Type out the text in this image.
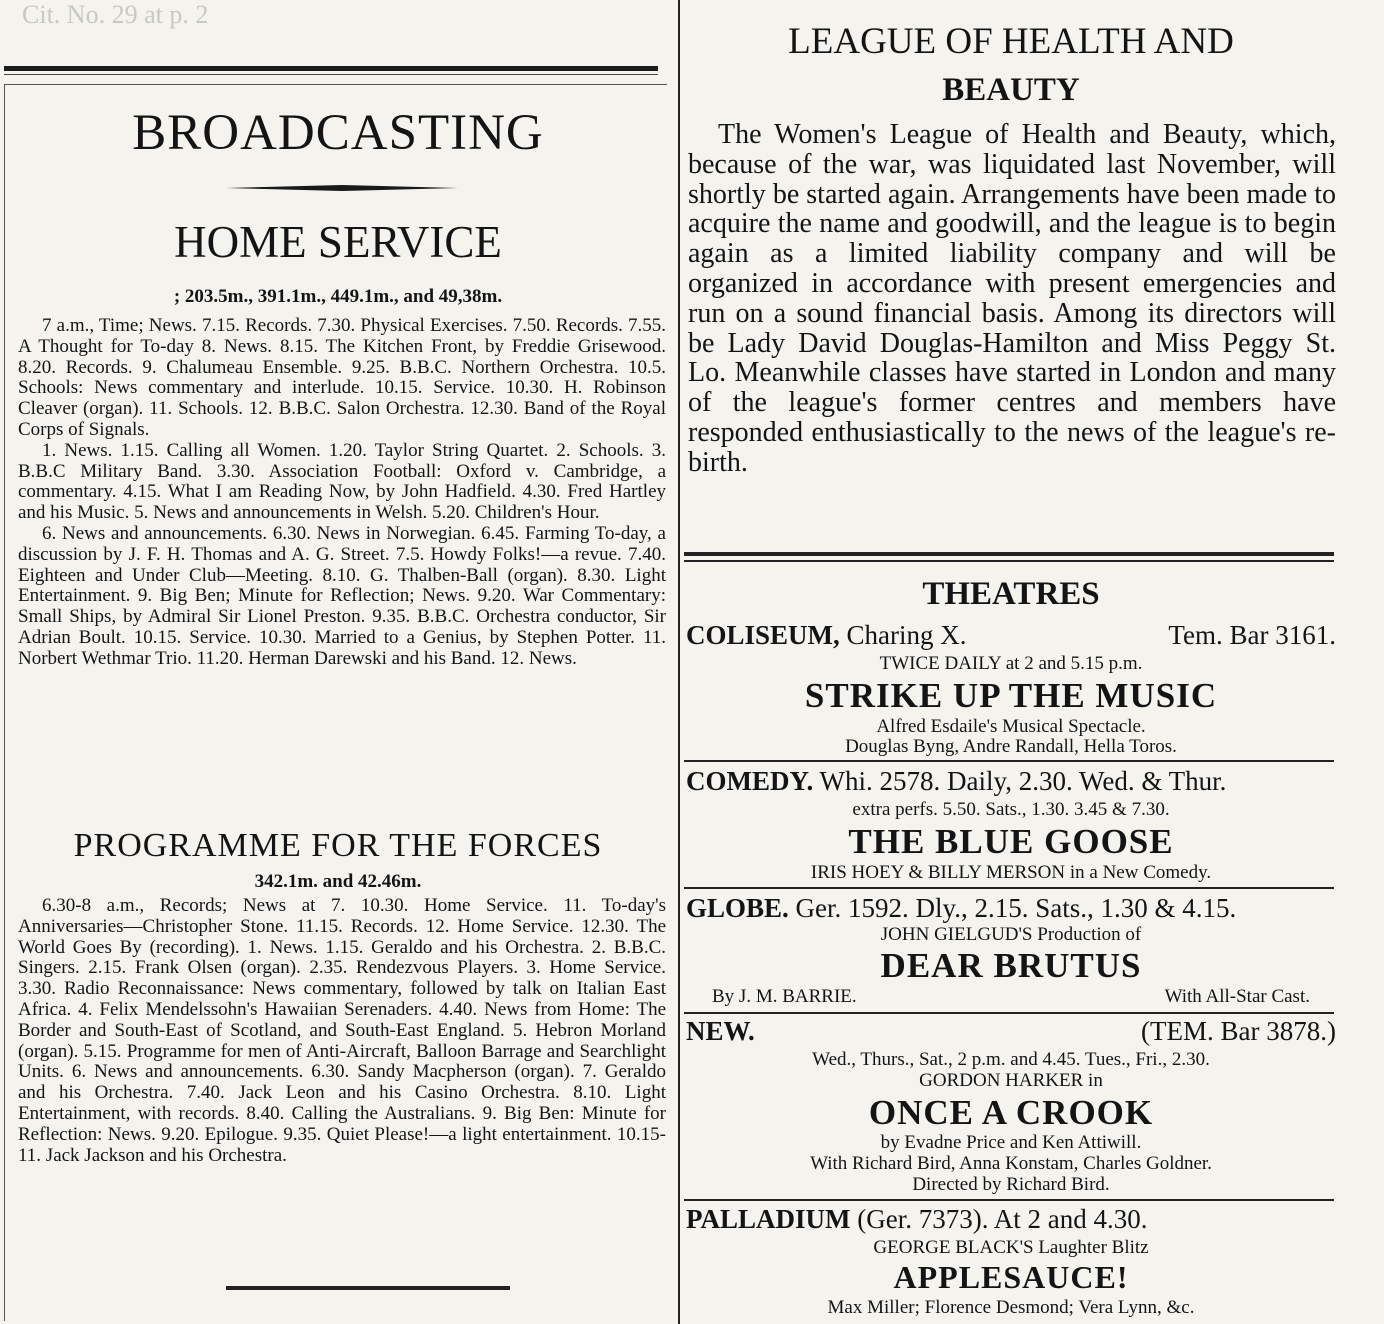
Cit. No. 29 at p. 2
BROADCASTING
HOME SERVICE
; 203.5m., 391.1m., 449.1m., and 49,38m.

7 a.m., Time; News. 7.15. Records. 7.30. Physical Exercises. 7.50. Records. 7.55. A Thought for To-day 8. News. 8.15. The Kitchen Front, by Freddie Grisewood. 8.20. Records. 9. Chalumeau Ensemble. 9.25. B.B.C. Northern Orchestra. 10.5. Schools: News commentary and interlude. 10.15. Service. 10.30. H. Robinson Cleaver (organ). 11. Schools. 12. B.B.C. Salon Orchestra. 12.30. Band of the Royal Corps of Signals.

1. News. 1.15. Calling all Women. 1.20. Taylor String Quartet. 2. Schools. 3. B.B.C Military Band. 3.30. Association Football: Oxford v. Cambridge, a commentary. 4.15. What I am Reading Now, by John Hadfield. 4.30. Fred Hartley and his Music. 5. News and announcements in Welsh. 5.20. Children's Hour.

6. News and announcements. 6.30. News in Norwegian. 6.45. Farming To-day, a discussion by J. F. H. Thomas and A. G. Street. 7.5. Howdy Folks!—a revue. 7.40. Eighteen and Under Club—Meeting. 8.10. G. Thalben-Ball (organ). 8.30. Light Entertainment. 9. Big Ben; Minute for Reflection; News. 9.20. War Commentary: Small Ships, by Admiral Sir Lionel Preston. 9.35. B.B.C. Orchestra conductor, Sir Adrian Boult. 10.15. Service. 10.30. Married to a Genius, by Stephen Potter. 11. Norbert Wethmar Trio. 11.20. Herman Darewski and his Band. 12. News.

PROGRAMME FOR THE FORCES
342.1m. and 42.46m.

6.30-8 a.m., Records; News at 7. 10.30. Home Service. 11. To-day's Anniversaries—Christopher Stone. 11.15. Records. 12. Home Service. 12.30. The World Goes By (recording). 1. News. 1.15. Geraldo and his Orchestra. 2. B.B.C. Singers. 2.15. Frank Olsen (organ). 2.35. Rendezvous Players. 3. Home Service. 3.30. Radio Reconnaissance: News commentary, followed by talk on Italian East Africa. 4. Felix Mendelssohn's Hawaiian Serenaders. 4.40. News from Home: The Border and South-East of Scotland, and South-East England. 5. Hebron Morland (organ). 5.15. Programme for men of Anti-Aircraft, Balloon Barrage and Searchlight Units. 6. News and announcements. 6.30. Sandy Macpherson (organ). 7. Geraldo and his Orchestra. 7.40. Jack Leon and his Casino Orchestra. 8.10. Light Entertainment, with records. 8.40. Calling the Australians. 9. Big Ben: Minute for Reflection: News. 9.20. Epilogue. 9.35. Quiet Please!—a light entertainment. 10.15-11. Jack Jackson and his Orchestra.

LEAGUE OF HEALTH AND
BEAUTY

The Women's League of Health and Beauty, which, because of the war, was liquidated last November, will shortly be started again. Arrangements have been made to acquire the name and goodwill, and the league is to begin again as a limited liability company and will be organized in accordance with present emergencies and run on a sound financial basis. Among its directors will be Lady David Douglas-Hamilton and Miss Peggy St. Lo. Meanwhile classes have started in London and many of the league's former centres and members have responded enthusiastically to the news of the league's re-birth.

THEATRES
COLISEUM, Charing X.	Tem. Bar 3161.
TWICE DAILY at 2 and 5.15 p.m.
STRIKE UP THE MUSIC
Alfred Esdaile's Musical Spectacle.
Douglas Byng, Andre Randall, Hella Toros.
COMEDY. Whi. 2578. Daily, 2.30. Wed. & Thur.
extra perfs. 5.50. Sats., 1.30. 3.45 & 7.30.
THE BLUE GOOSE
IRIS HOEY & BILLY MERSON in a New Comedy.
GLOBE. Ger. 1592. Dly., 2.15. Sats., 1.30 & 4.15.
JOHN GIELGUD'S Production of
DEAR BRUTUS
By J. M. BARRIE.	With All-Star Cast.
NEW.	(TEM. Bar 3878.)
Wed., Thurs., Sat., 2 p.m. and 4.45. Tues., Fri., 2.30.
GORDON HARKER in
ONCE A CROOK
by Evadne Price and Ken Attiwill.
With Richard Bird, Anna Konstam, Charles Goldner.
Directed by Richard Bird.
PALLADIUM (Ger. 7373). At 2 and 4.30.
GEORGE BLACK'S Laughter Blitz
APPLESAUCE!
Max Miller; Florence Desmond; Vera Lynn, &c.
